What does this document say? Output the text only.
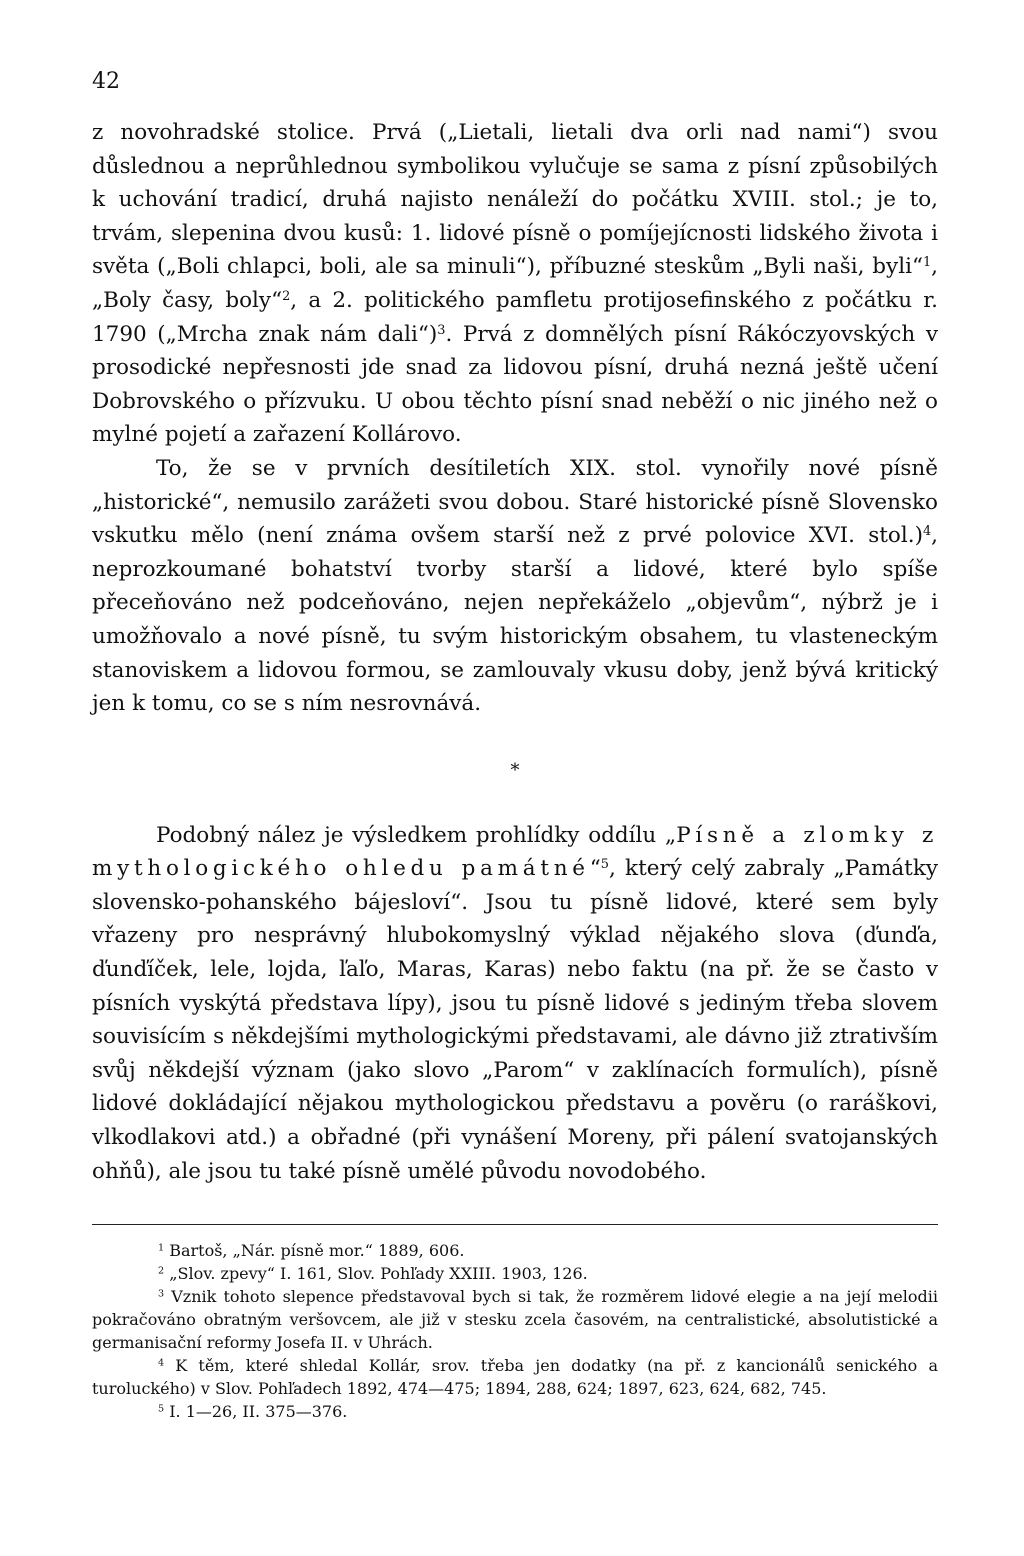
42

z novohradské stolice. Prvá („Lietali, lietali dva orli nad nami“) svou důslednou a neprůhlednou symbolikou vylučuje se sama z písní způsobilých k uchování tradicí, druhá najisto nenáleží do počátku XVIII. stol.; je to, trvám, slepenina dvou kusů: 1. lidové písně o pomíjejícnosti lidského života i světa („Boli chlapci, boli, ale sa minuli“), příbuzné steskům „Byli naši, byli“$^1$, „Boly časy, boly“$^2$, a 2. politického pamfletu protijosefinského z počátku r. 1790 („Mrcha znak nám dali“)$^3$. Prvá z domnělých písní Rákóczyovských v prosodické nepřesnosti jde snad za lidovou písní, druhá nezná ještě učení Dobrovského o přízvuku. U obou těchto písní snad neběží o nic jiného než o mylné pojetí a zařazení Kollárovo.

To, že se v prvních desítiletích XIX. stol. vynořily nové písně „historické“, nemusilo zarážeti svou dobou. Staré historické písně Slovensko vskutku mělo (není známa ovšem starší než z prvé polovice XVI. stol.)$^4$, neprozkoumané bohatství tvorby starší a lidové, které bylo spíše přeceňováno než podceňováno, nejen nepřekáželo „objevům“, nýbrž je i umožňovalo a nové písně, tu svým historickým obsahem, tu vlasteneckým stanoviskem a lidovou formou, se zamlouvaly vkusu doby, jenž bývá kritický jen k tomu, co se s ním nesrovnává.

*

Podobný nález je výsledkem prohlídky oddílu „Písně a zlomky z mythologického ohledu památné“$^5$, který celý zabraly „Památky slovensko-pohanského bájesloví“. Jsou tu písně lidové, které sem byly vřazeny pro nesprávný hlubokomyslný výklad nějakého slova (ďunďa, ďunďíček, lele, lojda, ľaľo, Maras, Karas) nebo faktu (na př. že se často v písních vyskýtá představa lípy), jsou tu písně lidové s jediným třeba slovem souvisícím s někdejšími mythologickými představami, ale dávno již ztrativším svůj někdejší význam (jako slovo „Parom“ v zaklínacích formulích), písně lidové dokládající nějakou mythologickou představu a pověru (o raráškovi, vlkodlakovi atd.) a obřadné (při vynášení Moreny, při pálení svatojanských ohňů), ale jsou tu také písně umělé původu novodobého.

$^1$ Bartoš, „Nár. písně mor.“ 1889, 606.

$^2$ „Slov. zpevy“ I. 161, Slov. Pohľady XXIII. 1903, 126.

$^3$ Vznik tohoto slepence představoval bych si tak, že rozměrem lidové elegie a na její melodii pokračováno obratným veršovcem, ale již v stesku zcela časovém, na centralistické, absolutistické a germanisační reformy Josefa II. v Uhrách.

$^4$ K těm, které shledal Kollár, srov. třeba jen dodatky (na př. z kancionálů senického a turoluckého) v Slov. Pohľadech 1892, 474—475; 1894, 288, 624; 1897, 623, 624, 682, 745.

$^5$ I. 1—26, II. 375—376.
